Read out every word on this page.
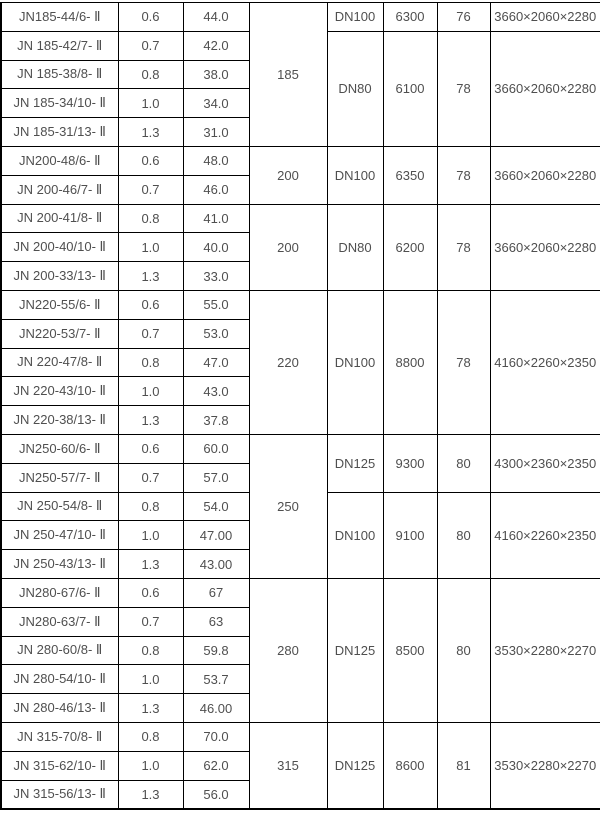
JN185-44/6- Ⅱ	0.6	44.0	185	DN100	6300	76	3660×2060×2280
JN 185-42/7- Ⅱ	0.7	42.0		DN80	6100	78	3660×2060×2280
JN 185-38/8- Ⅱ	0.8	38.0					
JN 185-34/10- Ⅱ	1.0	34.0					
JN 185-31/13- Ⅱ	1.3	31.0					
JN200-48/6- Ⅱ	0.6	48.0	200	DN100	6350	78	3660×2060×2280
JN 200-46/7- Ⅱ	0.7	46.0					
JN 200-41/8- Ⅱ	0.8	41.0	200	DN80	6200	78	3660×2060×2280
JN 200-40/10- Ⅱ	1.0	40.0					
JN 200-33/13- Ⅱ	1.3	33.0					
JN220-55/6- Ⅱ	0.6	55.0	220	DN100	8800	78	4160×2260×2350
JN220-53/7- Ⅱ	0.7	53.0					
JN 220-47/8- Ⅱ	0.8	47.0					
JN 220-43/10- Ⅱ	1.0	43.0					
JN 220-38/13- Ⅱ	1.3	37.8					
JN250-60/6- Ⅱ	0.6	60.0	250	DN125	9300	80	4300×2360×2350
JN250-57/7- Ⅱ	0.7	57.0					
JN 250-54/8- Ⅱ	0.8	54.0		DN100	9100	80	4160×2260×2350
JN 250-47/10- Ⅱ	1.0	47.00					
JN 250-43/13- Ⅱ	1.3	43.00					
JN280-67/6- Ⅱ	0.6	67	280	DN125	8500	80	3530×2280×2270
JN280-63/7- Ⅱ	0.7	63					
JN 280-60/8- Ⅱ	0.8	59.8					
JN 280-54/10- Ⅱ	1.0	53.7					
JN 280-46/13- Ⅱ	1.3	46.00					
JN 315-70/8- Ⅱ	0.8	70.0	315	DN125	8600	81	3530×2280×2270
JN 315-62/10- Ⅱ	1.0	62.0					
JN 315-56/13- Ⅱ	1.3	56.0					
